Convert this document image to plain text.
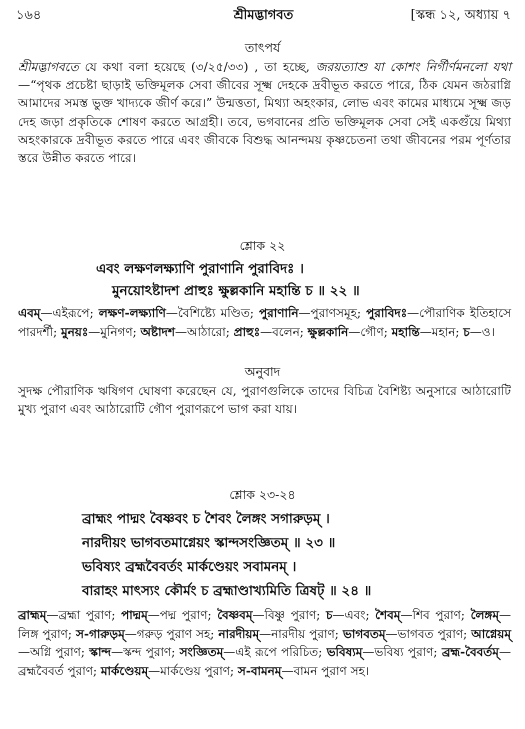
১৬৪	শ্রীমদ্ভাগবত	[স্কন্ধ ১২, অধ্যায় ৭
তাৎপর্য
শ্রীমদ্ভাগবতে যে কথা বলা হয়েছে (৩/২৫/৩৩) , তা হচ্ছে, জরয়ত্যাশু যা কোশং নির্গীর্ণমনলো যথা—“পৃথক প্রচেষ্টা ছাড়াই ভক্তিমূলক সেবা জীবের সূক্ষ্ম দেহকে দ্রবীভূত করতে পারে, ঠিক যেমন জঠরাগ্নি আমাদের সমস্ত ভুক্ত খাদ্যকে জীর্ণ করে।” উন্মত্ততা, মিথ্যা অহংকার, লোভ এবং কামের মাধ্যমে সূক্ষ্ম জড় দেহ জড়া প্রকৃতিকে শোষণ করতে আগ্রহী। তবে, ভগবানের প্রতি ভক্তিমূলক সেবা সেই একগুঁয়ে মিথ্যা অহংকারকে দ্রবীভূত করতে পারে এবং জীবকে বিশুদ্ধ আনন্দময় কৃষ্ণচেতনা তথা জীবনের পরম পূর্ণতার স্তরে উন্নীত করতে পারে।
শ্লোক ২২
এবং লক্ষণলক্ষ্যাণি পুরাণানি পুরাবিদঃ ।
মুনয়োঽষ্টাদশ প্রাহুঃ ক্ষুল্লকানি মহান্তি চ ॥ ২২ ॥
এবম্—এইরূপে; লক্ষণ-লক্ষ্যাণি—বৈশিষ্ট্যে মণ্ডিত; পুরাণানি—পুরাণসমূহ; পুরাবিদঃ—পৌরাণিক ইতিহাসে পারদর্শী; মুনয়ঃ—মুনিগণ; অষ্টাদশ—আঠারো; প্রাহুঃ—বলেন; ক্ষুল্লকানি—গৌণ; মহান্তি—মহান; চ—ও।
অনুবাদ
সুদক্ষ পৌরাণিক ঋষিগণ ঘোষণা করেছেন যে, পুরাণগুলিকে তাদের বিচিত্র বৈশিষ্ট্য অনুসারে আঠারোটি মুখ্য পুরাণ এবং আঠারোটি গৌণ পুরাণরূপে ভাগ করা যায়।
শ্লোক ২৩-২৪
ব্রাহ্মং পাদ্মং বৈষ্ণবং চ শৈবং লৈঙ্গং সগারুড়ম্ ।
নারদীয়ং ভাগবতমাগ্নেয়ং স্কান্দসংজ্ঞিতম্ ॥ ২৩ ॥
ভবিষ্যং ব্রহ্মবৈবর্তং মার্কণ্ডেয়ং সবামনম্ ।
বারাহং মাৎস্যং কৌর্মং চ ব্রহ্মাণ্ডাখ্যমিতি ত্রিষট্ ॥ ২৪ ॥
ব্রাহ্মম্—ব্রহ্মা পুরাণ; পাদ্মম্—পদ্ম পুরাণ; বৈষ্ণবম্—বিষ্ণু পুরাণ; চ—এবং; শৈবম্—শিব পুরাণ; লৈঙ্গম্—লিঙ্গ পুরাণ; স-গারুড়ম্—গরুড় পুরাণ সহ; নারদীয়ম্—নারদীয় পুরাণ; ভাগবতম্—ভাগবত পুরাণ; আগ্নেয়ম্—অগ্নি পুরাণ; স্কান্দ—স্কন্দ পুরাণ; সংজ্ঞিতম্—এই রূপে পরিচিত; ভবিষ্যম্—ভবিষ্য পুরাণ; ব্রহ্ম-বৈবর্তম্—ব্রহ্মবৈবর্ত পুরাণ; মার্কণ্ডেয়ম্—মার্কণ্ডেয় পুরাণ; স-বামনম্—বামন পুরাণ সহ।
